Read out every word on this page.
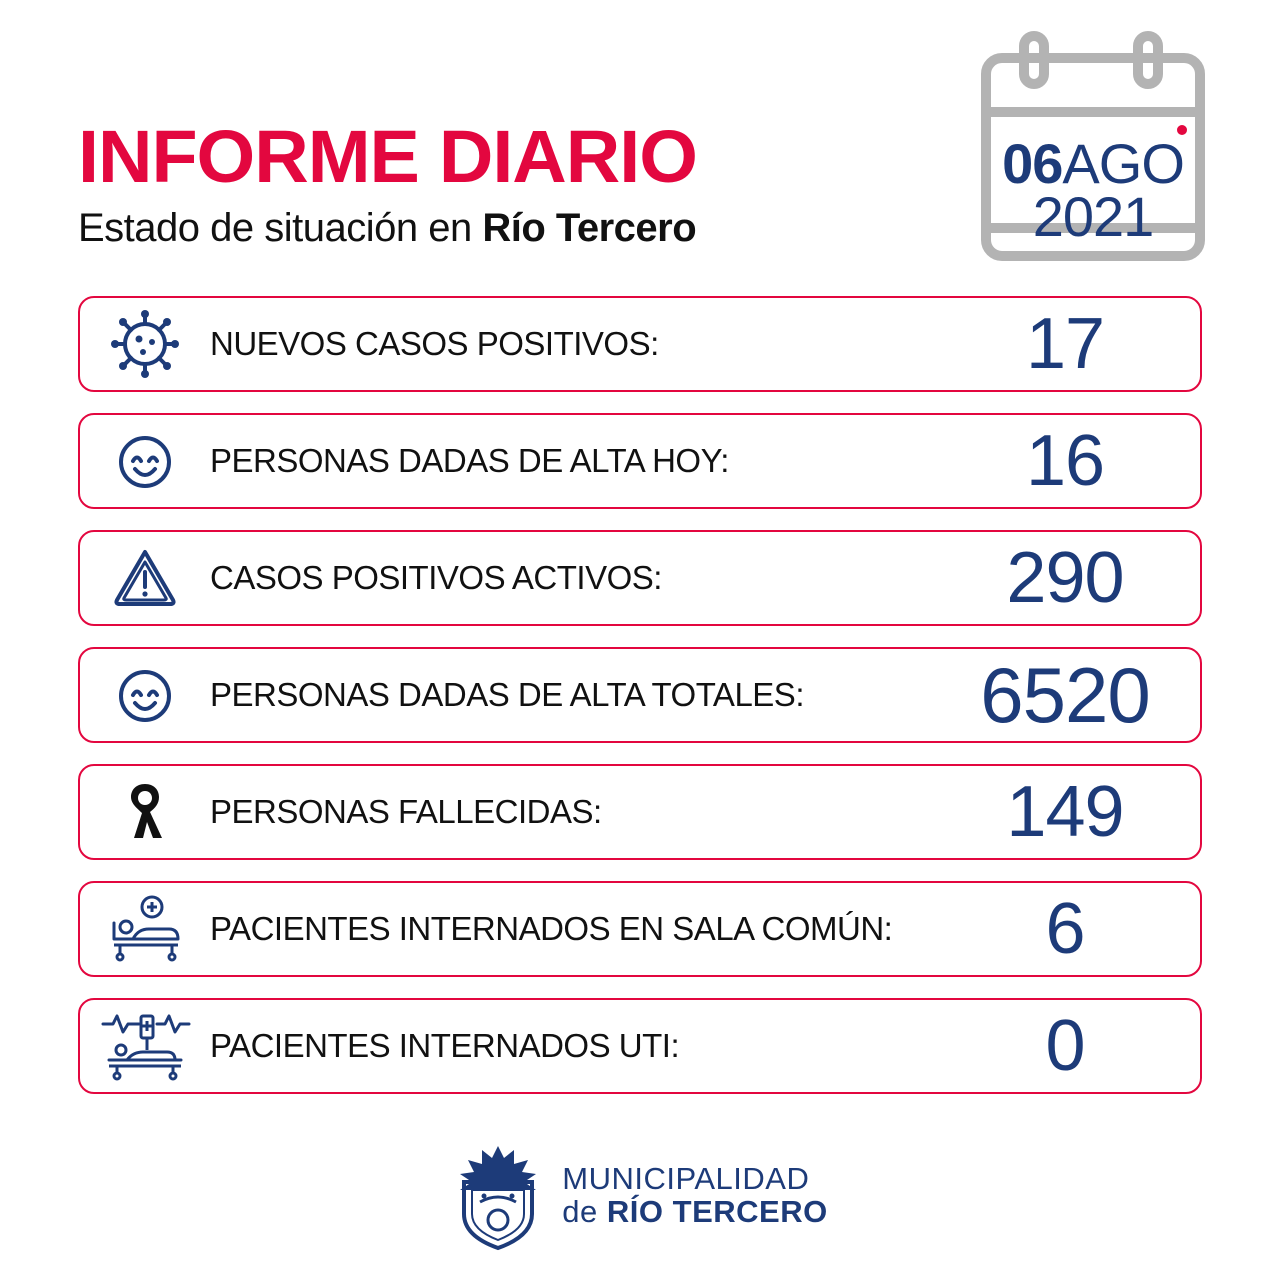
06AGO
2021
INFORME DIARIO
Estado de situación en Río Tercero
NUEVOS CASOS POSITIVOS:	17
PERSONAS DADAS DE ALTA HOY:	16
CASOS POSITIVOS ACTIVOS:	290
PERSONAS DADAS DE ALTA TOTALES:	6520
PERSONAS FALLECIDAS:	149
PACIENTES INTERNADOS EN SALA COMÚN:	6
PACIENTES INTERNADOS UTI:	0
MUNICIPALIDAD
de RÍO TERCERO
